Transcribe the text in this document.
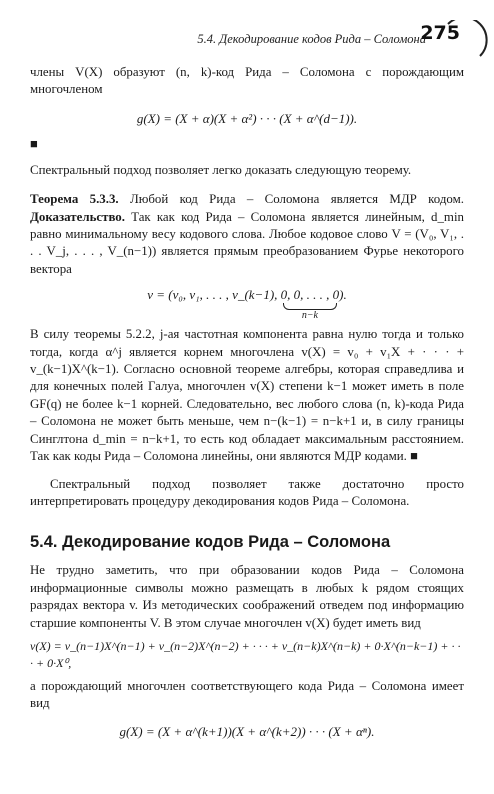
5.4. Декодирование кодов Рида – Соломона
275

члены V(X) образуют (n, k)-код Рида – Соломона с порождающим многочленом

g(X) = (X + α)(X + α²) · · · (X + α^(d−1)).
■

Спектральный подход позволяет легко доказать следующую теорему.

Теорема 5.3.3. Любой код Рида – Соломона является МДР кодом. Доказательство. Так как код Рида – Соломона является линейным, d_min равно минимальному весу кодового слова. Любое кодовое слово V = (V₀, V₁, . . . V_j, . . . , V_(n−1)) является прямым преобразованием Фурье некоторого вектора

v = (v₀, v₁, . . . , v_(k−1), 0, 0, . . . , 0
n−k
).

В силу теоремы 5.2.2, j-ая частотная компонента равна нулю тогда и только тогда, когда α^j является корнем многочлена v(X) = v₀ + v₁X + · · · + v_(k−1)X^(k−1). Согласно основной теореме алгебры, которая справедлива и для конечных полей Галуа, многочлен v(X) степени k−1 может иметь в поле GF(q) не более k−1 корней. Следовательно, вес любого слова (n, k)-кода Рида – Соломона не может быть меньше, чем n−(k−1) = n−k+1 и, в силу границы Синглтона d_min = n−k+1, то есть код обладает максимальным расстоянием. Так как коды Рида – Соломона линейны, они являются МДР кодами. ■

Спектральный подход позволяет также достаточно просто интерпретировать процедуру декодирования кодов Рида – Соломона.

5.4. Декодирование кодов Рида – Соломона

Не трудно заметить, что при образовании кодов Рида – Соломона информационные символы можно размещать в любых k рядом стоящих разрядах вектора v. Из методических соображений отведем под информацию старшие компоненты V. В этом случае многочлен v(X) будет иметь вид

v(X) = v_(n−1)X^(n−1) + v_(n−2)X^(n−2) + · · · + v_(n−k)X^(n−k) + 0·X^(n−k−1) + · · · + 0·X⁰,

а порождающий многочлен соответствующего кода Рида – Соломона имеет вид

g(X) = (X + α^(k+1))(X + α^(k+2)) · · · (X + αⁿ).
